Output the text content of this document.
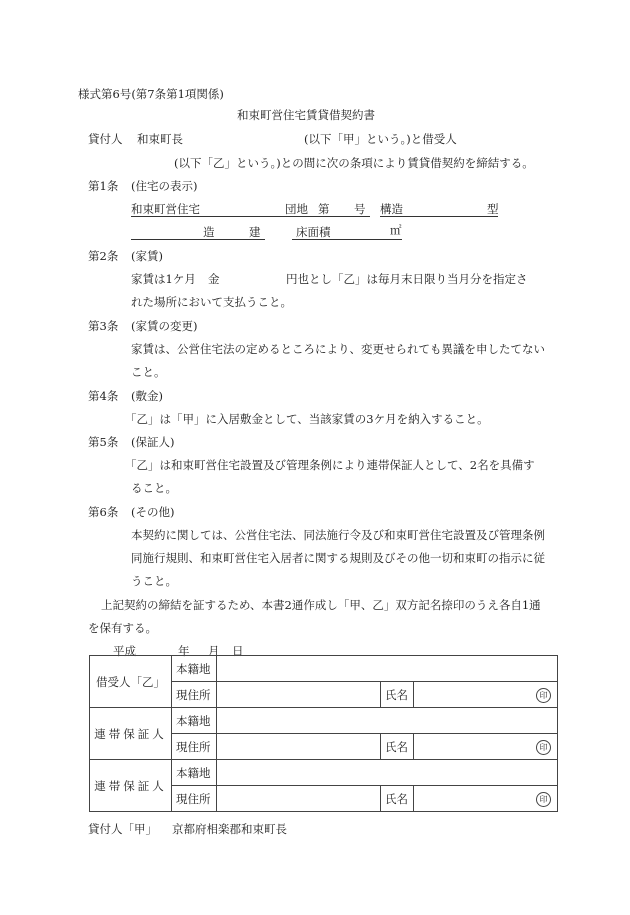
様式第6号(第7条第1項関係)
和束町営住宅賃貸借契約書
貸付人 和束町長	(以下「甲」という。)と借受人
(以下「乙」という。)との間に次の条項により賃貸借契約を締結する。
第1条 (住宅の表示)
和束町営住宅	団地 第 号 構造	型
造	建	床面積	㎡
第2条 (家賃)
家賃は1ケ月 金	円也とし「乙」は毎月末日限り当月分を指定さ
れた場所において支払うこと。
第3条 (家賃の変更)
家賃は、公営住宅法の定めるところにより、変更せられても異議を申したてない
こと。
第4条 (敷金)
「乙」は「甲」に入居敷金として、当該家賃の3ケ月を納入すること。
第5条 (保証人)
「乙」は和束町営住宅設置及び管理条例により連帯保証人として、2名を具備す
ること。
第6条 (その他)
本契約に関しては、公営住宅法、同法施行令及び和束町営住宅設置及び管理条例
同施行規則、和束町営住宅入居者に関する規則及びその他一切和束町の指示に従
うこと。
上記契約の締結を証するため、本書2通作成し「甲、乙」双方記名捺印のうえ各自1通
を保有する。
平成	年 月 日
借受人「乙」	本籍地			
	現住所		氏名	印
連帯保証人	本籍地			
	現住所		氏名	印
連帯保証人	本籍地			
	現住所		氏名	印
貸付人「甲」 京都府相楽郡和束町長
